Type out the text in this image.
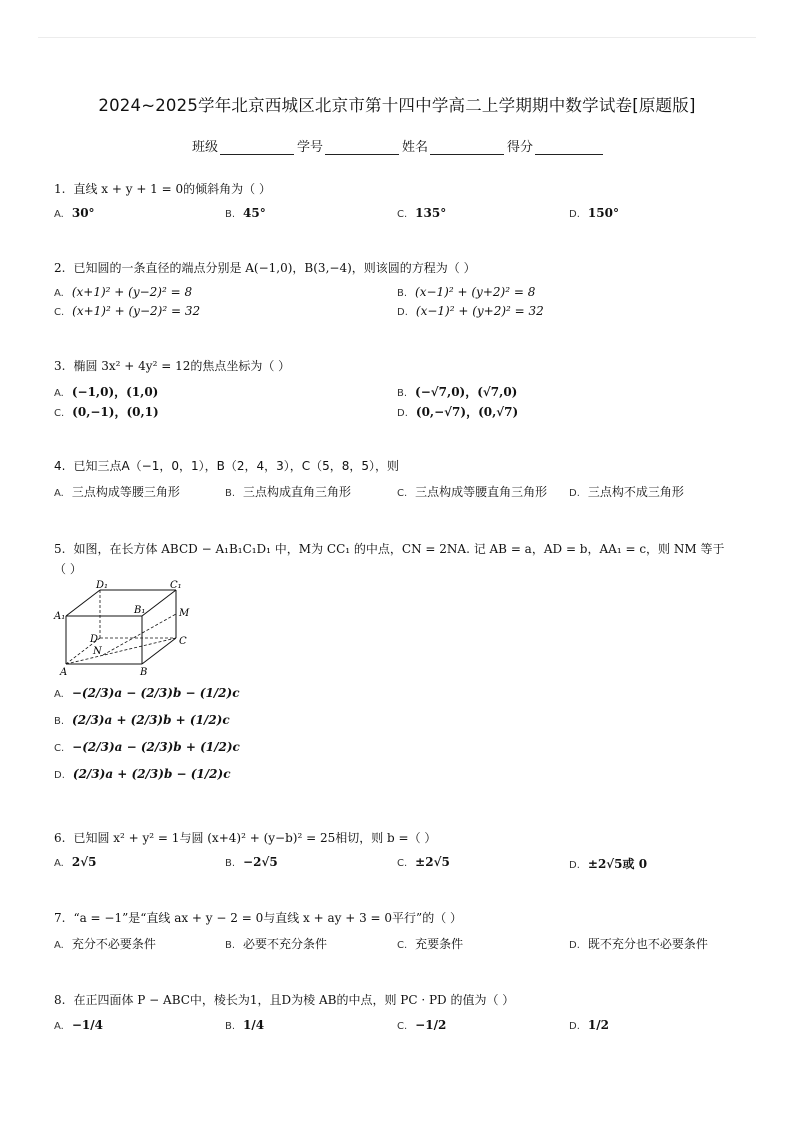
2024~2025学年北京西城区北京市第十四中学高二上学期期中数学试卷[原题版]
班级	学号	姓名	得分
1. 直线 x + y + 1 = 0的倾斜角为（ ）
A. 30°	B. 45°	C. 135°	D. 150°
2. 已知圆的一条直径的端点分别是 A(−1,0)，B(3,−4)，则该圆的方程为（ ）
A. (x+1)² + (y−2)² = 8	B. (x−1)² + (y+2)² = 8
C. (x+1)² + (y−2)² = 32	D. (x−1)² + (y+2)² = 32
3. 椭圆 3x² + 4y² = 12的焦点坐标为（ ）
A. (−1,0)，(1,0)	B. (−√7,0)，(√7,0)
C. (0,−1)，(0,1)	D. (0,−√7)，(0,√7)
4. 已知三点A（−1，0，1），B（2，4，3），C（5，8，5），则
A. 三点构成等腰三角形	B. 三点构成直角三角形	C. 三点构成等腰直角三角形 D. 三点构不成三角形
5. 如图，在长方体 ABCD − A₁B₁C₁D₁ 中，M为 CC₁ 的中点，CN = 2NA. 记 AB = a，AD = b，AA₁ = c，则 NM 等于
（ ）
D₁	C₁
A₁
B₁	M
D	C
N
A	B
A. −(2/3)a − (2/3)b − (1/2)c
B. (2/3)a + (2/3)b + (1/2)c
C. −(2/3)a − (2/3)b + (1/2)c
D. (2/3)a + (2/3)b − (1/2)c
6. 已知圆 x² + y² = 1与圆 (x+4)² + (y−b)² = 25相切，则 b =（ ）
A. 2√5	B. −2√5	C. ±2√5	D. ±2√5或 0
7. “a = −1”是“直线 ax + y − 2 = 0与直线 x + ay + 3 = 0平行”的（ ）
A. 充分不必要条件	B. 必要不充分条件	C. 充要条件	D. 既不充分也不必要条件
8. 在正四面体 P − ABC中，棱长为1，且D为棱 AB的中点，则 PC · PD 的值为（ ）
A. −1/4	B. 1/4	C. −1/2	D. 1/2
